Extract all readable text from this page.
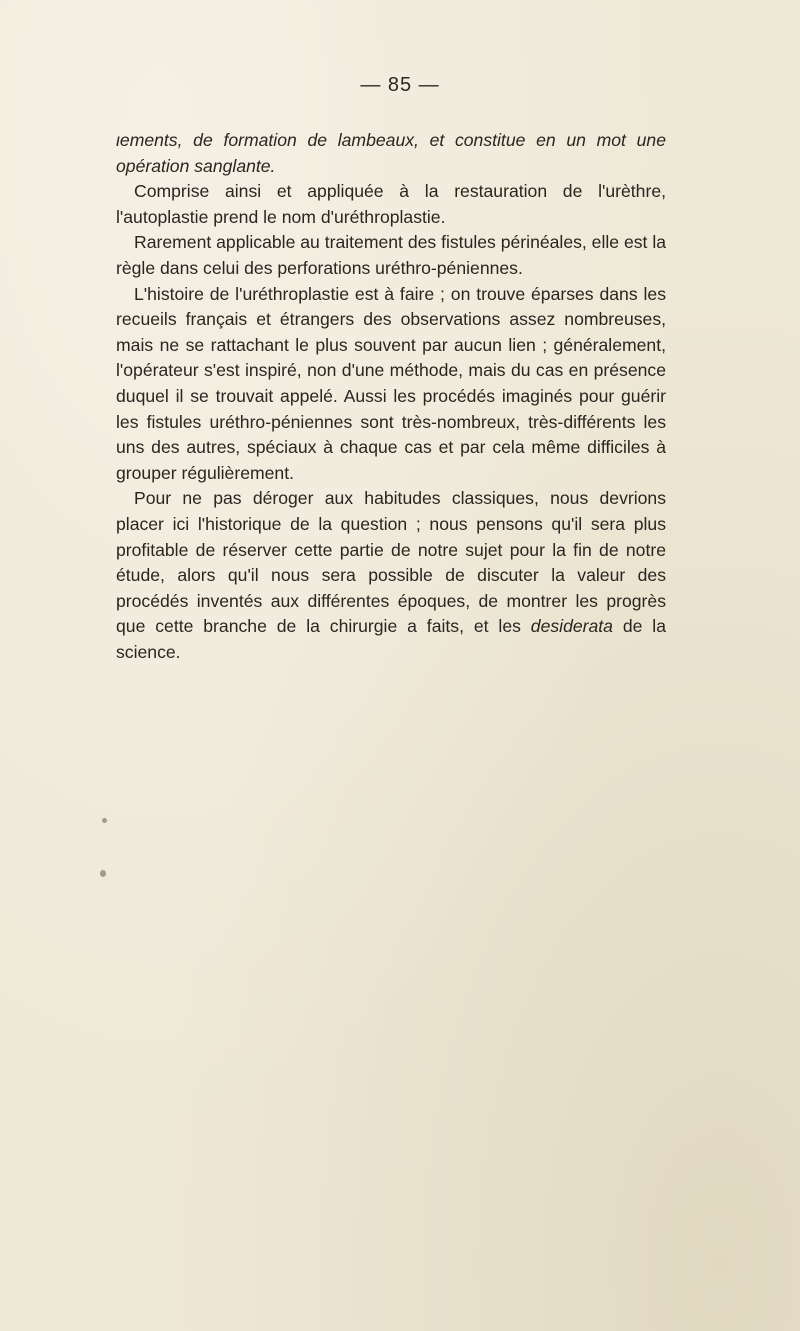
— 85 —

ιements, de formation de lambeaux, et constitue en un mot une opération sanglante.

Comprise ainsi et appliquée à la restauration de l'urèthre, l'autoplastie prend le nom d'uréthroplastie.

Rarement applicable au traitement des fistules périnéales, elle est la règle dans celui des perforations uréthro-péniennes.

L'histoire de l'uréthroplastie est à faire ; on trouve éparses dans les recueils français et étrangers des observations assez nombreuses, mais ne se rattachant le plus souvent par aucun lien ; généralement, l'opérateur s'est inspiré, non d'une méthode, mais du cas en présence duquel il se trouvait appelé. Aussi les procédés imaginés pour guérir les fistules uréthro-péniennes sont très-nombreux, très-différents les uns des autres, spéciaux à chaque cas et par cela même difficiles à grouper régulièrement.

Pour ne pas déroger aux habitudes classiques, nous devrions placer ici l'historique de la question ; nous pensons qu'il sera plus profitable de réserver cette partie de notre sujet pour la fin de notre étude, alors qu'il nous sera possible de discuter la valeur des procédés inventés aux différentes époques, de montrer les progrès que cette branche de la chirurgie a faits, et les desiderata de la science.
